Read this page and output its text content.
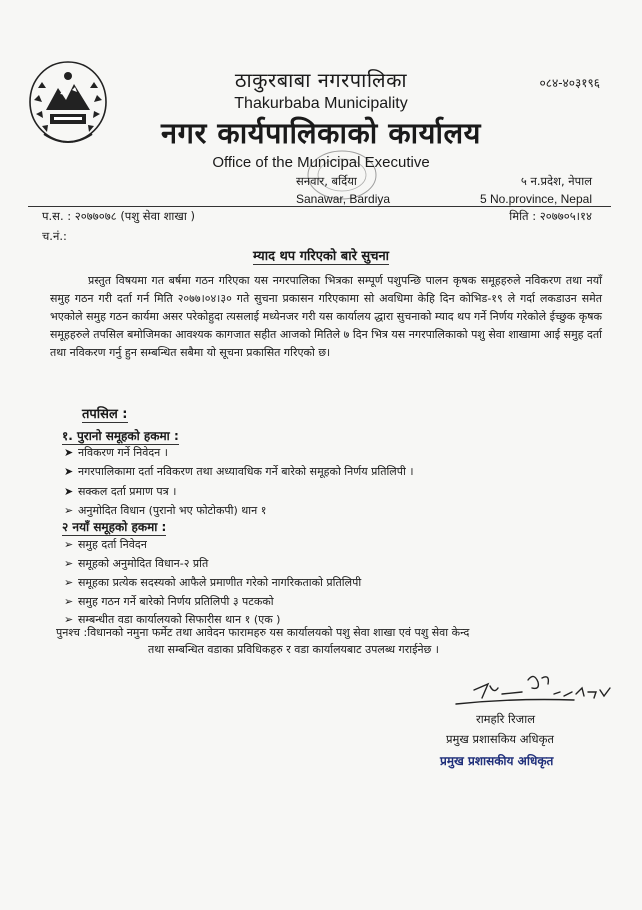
०८४-४०३१९६
ठाकुरबाबा नगरपालिका
Thakurbaba Municipality
नगर कार्यपालिकाको कार्यालय
Office of the Municipal Executive
सनवार, बर्दिया
Sanawar, Bardiya
५ न.प्रदेश, नेपाल
5 No.province, Nepal
प.स. : २०७७०७८ (पशु सेवा शाखा )	मिति : २०७७०५।१४
च.नं.:
म्याद थप गरिएको बारे सुचना
प्रस्तुत विषयमा गत बर्षमा गठन गरिएका यस नगरपालिका भित्रका सम्पूर्ण पशुपन्छि पालन कृषक समूहहरुले नविकरण तथा नयाँ समुह गठन गरी दर्ता गर्न मिति २०७७।०४।३० गते सुचना प्रकासन गरिएकामा सो अवधिमा केहि दिन कोभिड-१९ ले गर्दा लकडाउन समेत भएकोले समुह गठन कार्यमा असर परेकोहुदा त्यसलाई मध्येनजर गरी यस कार्यालय द्धारा सुचनाको म्याद थप गर्ने निर्णय गरेकोले ईच्छुक कृषक समूहहरुले तपसिल बमोजिमका आवश्यक कागजात सहीत आजको मितिले ७ दिन भित्र यस नगरपालिकाको पशु सेवा शाखामा आई समुह दर्ता तथा नविकरण गर्नु हुन सम्बन्धित सबैमा यो सूचना प्रकासित गरिएको छ।
तपसिल :
१. पुरानो समूहको हकमा :
➤ नविकरण गर्ने निवेदन ।
➤ नगरपालिकामा दर्ता नविकरण तथा अध्यावधिक गर्ने बारेको समूहको निर्णय प्रतिलिपी ।
➤ सक्कल दर्ता प्रमाण पत्र ।
➢ अनुमोदित विधान (पुरानो भए फोटोकपी) थान १
२ नयाँ समूहको हकमा :
➢ समुह दर्ता निवेदन
➢ समूहको अनुमोदित विधान-२ प्रति
➢ समूहका प्रत्येक सदस्यको आफैले प्रमाणीत गरेको नागरिकताको प्रतिलिपी
➢ समुह गठन गर्ने बारेको निर्णय प्रतिलिपी ३ पटकको
➢ सम्बन्धीत वडा कार्यालयको सिफारीस थान १ (एक )
पुनश्च :विधानको नमुना फर्मेट तथा आवेदन फारामहरु यस कार्यालयको पशु सेवा शाखा एवं पशु सेवा केन्द
तथा सम्बन्धित वडाका प्रविधिकहरु र वडा कार्यालयबाट उपलब्ध गराईनेछ ।
रामहरि रिजाल
प्रमुख प्रशासकिय अधिकृत
प्रमुख प्रशासकीय अधिकृत
